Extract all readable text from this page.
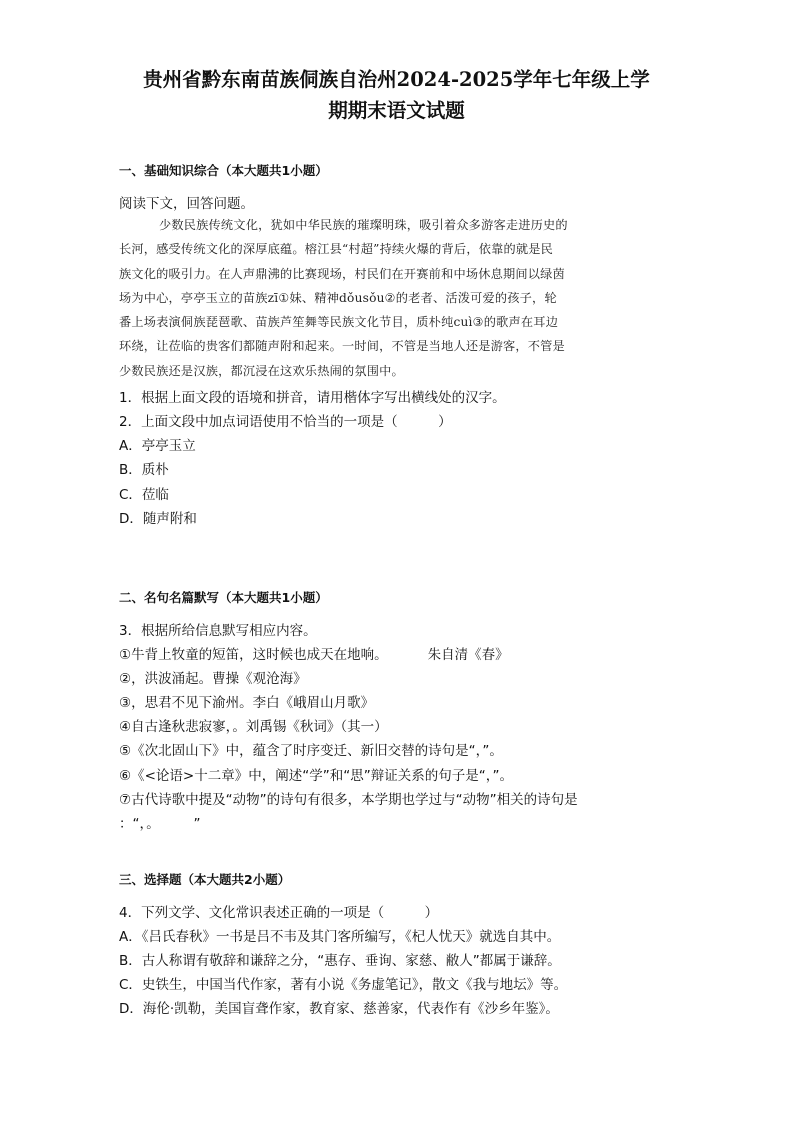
贵州省黔东南苗族侗族自治州2024-2025学年七年级上学
期期末语文试题
一、基础知识综合（本大题共1小题）
阅读下文，回答问题。
少数民族传统文化，犹如中华民族的璀璨明珠，吸引着众多游客走进历史的
长河，感受传统文化的深厚底蕴。榕江县“村超”持续火爆的背后，依靠的就是民
族文化的吸引力。在人声鼎沸的比赛现场，村民们在开赛前和中场休息期间以绿茵
场为中心，亭亭玉立的苗族zī①妹、精神dǒusǒu②的老者、活泼可爱的孩子，轮
番上场表演侗族琵琶歌、苗族芦笙舞等民族文化节目，质朴纯cuì③的歌声在耳边
环绕，让莅临的贵客们都随声附和起来。一时间，不管是当地人还是游客，不管是
少数民族还是汉族，都沉浸在这欢乐热闹的氛围中。
1．根据上面文段的语境和拼音，请用楷体字写出横线处的汉字。
2．上面文段中加点词语使用不恰当的一项是（　　　）
A．亭亭玉立
B．质朴
C．莅临
D．随声附和
二、名句名篇默写（本大题共1小题）
3．根据所给信息默写相应内容。
①牛背上牧童的短笛，这时候也成天在地响。	朱自清《春》
②，洪波涌起。曹操《观沧海》
③，思君不见下渝州。李白《峨眉山月歌》
④自古逢秋悲寂寥，。刘禹锡《秋词》（其一）
⑤《次北固山下》中，蕴含了时序变迁、新旧交替的诗句是“，”。
⑥《<论语>十二章》中，阐述“学”和“思”辩证关系的句子是“，”。
⑦古代诗歌中提及“动物”的诗句有很多，本学期也学过与“动物”相关的诗句是
：“，。　　　”
三、选择题（本大题共2小题）
4．下列文学、文化常识表述正确的一项是（　　　）
A．《吕氏春秋》一书是吕不韦及其门客所编写，《杞人忧天》就选自其中。
B．古人称谓有敬辞和谦辞之分，“惠存、垂询、家慈、敝人”都属于谦辞。
C．史铁生，中国当代作家，著有小说《务虚笔记》，散文《我与地坛》等。
D．海伦·凯勒，美国盲聋作家，教育家、慈善家，代表作有《沙乡年鉴》。
